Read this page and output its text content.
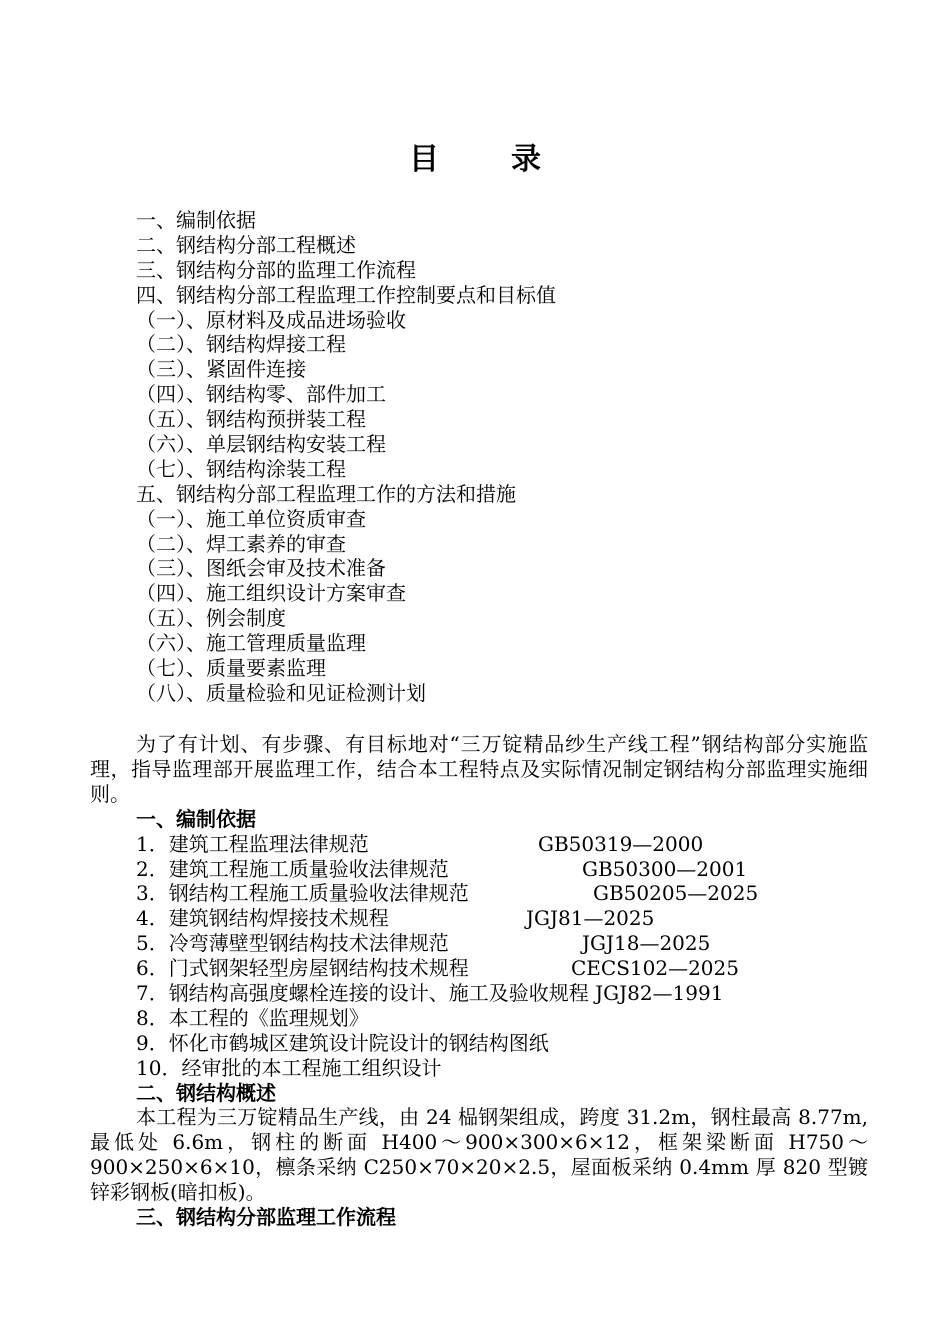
目 录
一、编制依据
二、钢结构分部工程概述
三、钢结构分部的监理工作流程
四、钢结构分部工程监理工作控制要点和目标值
（一）、原材料及成品进场验收
（二）、钢结构焊接工程
（三）、紧固件连接
（四）、钢结构零、部件加工
（五）、钢结构预拼装工程
（六）、单层钢结构安装工程
（七）、钢结构涂装工程
五、钢结构分部工程监理工作的方法和措施
（一）、施工单位资质审查
（二）、焊工素养的审查
（三）、图纸会审及技术准备
（四）、施工组织设计方案审查
（五）、例会制度
（六）、施工管理质量监理
（七）、质量要素监理
（八）、质量检验和见证检测计划
为了有计划、有步骤、有目标地对“三万锭精品纱生产线工程”钢结构部分实施监理，指导监理部开展监理工作，结合本工程特点及实际情况制定钢结构分部监理实施细则。
一、编制依据
1．建筑工程监理法律规范	GB50319—2000
2．建筑工程施工质量验收法律规范	GB50300—2001
3．钢结构工程施工质量验收法律规范	GB50205—2025
4．建筑钢结构焊接技术规程	JGJ81—2025
5．冷弯薄壁型钢结构技术法律规范	JGJ18—2025
6．门式钢架轻型房屋钢结构技术规程	CECS102—2025
7．钢结构高强度螺栓连接的设计、施工及验收规程 JGJ82—1991
8．本工程的《监理规划》
9．怀化市鹤城区建筑设计院设计的钢结构图纸
10．经审批的本工程施工组织设计
二、钢结构概述
本工程为三万锭精品生产线，由 24 榀钢架组成，跨度 31.2m，钢柱最高 8.77m,最低处 6.6m，钢柱的断面 H400～900×300×6×12，框架梁断面 H750～900×250×6×10，檩条采纳 C250×70×20×2.5，屋面板采纳 0.4mm 厚 820 型镀锌彩钢板(暗扣板)。
三、钢结构分部监理工作流程
